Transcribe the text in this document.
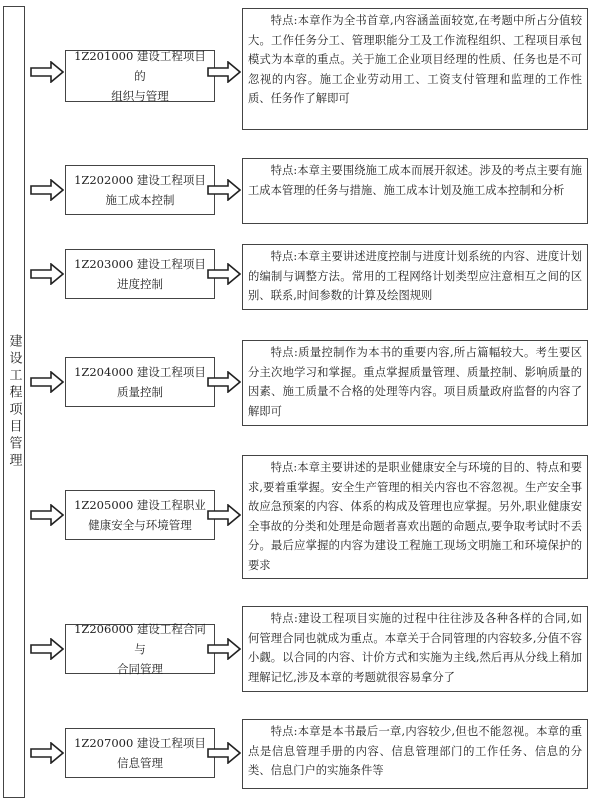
建设工程项目管理
1Z201000 建设工程项目的
组织与管理
特点:本章作为全书首章,内容涵盖面较宽,在考题中所占分值较大。工作任务分工、管理职能分工及工作流程组织、工程项目承包模式为本章的重点。关于施工企业项目经理的性质、任务也是不可忽视的内容。施工企业劳动用工、工资支付管理和监理的工作性质、任务作了解即可
1Z202000 建设工程项目
施工成本控制
特点:本章主要围绕施工成本而展开叙述。涉及的考点主要有施工成本管理的任务与措施、施工成本计划及施工成本控制和分析
1Z203000 建设工程项目
进度控制
特点:本章主要讲述进度控制与进度计划系统的内容、进度计划的编制与调整方法。常用的工程网络计划类型应注意相互之间的区别、联系,时间参数的计算及绘图规则
1Z204000 建设工程项目
质量控制
特点:质量控制作为本书的重要内容,所占篇幅较大。考生要区分主次地学习和掌握。重点掌握质量管理、质量控制、影响质量的因素、施工质量不合格的处理等内容。项目质量政府监督的内容了解即可
1Z205000 建设工程职业
健康安全与环境管理
特点:本章主要讲述的是职业健康安全与环境的目的、特点和要求,要着重掌握。安全生产管理的相关内容也不容忽视。生产安全事故应急预案的内容、体系的构成及管理也应掌握。另外,职业健康安全事故的分类和处理是命题者喜欢出题的命题点,要争取考试时不丢分。最后应掌握的内容为建设工程施工现场文明施工和环境保护的要求
1Z206000 建设工程合同与
合同管理
特点:建设工程项目实施的过程中往往涉及各种各样的合同,如何管理合同也就成为重点。本章关于合同管理的内容较多,分值不容小觑。以合同的内容、计价方式和实施为主线,然后再从分线上稍加理解记忆,涉及本章的考题就很容易拿分了
1Z207000 建设工程项目
信息管理
特点:本章是本书最后一章,内容较少,但也不能忽视。本章的重点是信息管理手册的内容、信息管理部门的工作任务、信息的分类、信息门户的实施条件等
